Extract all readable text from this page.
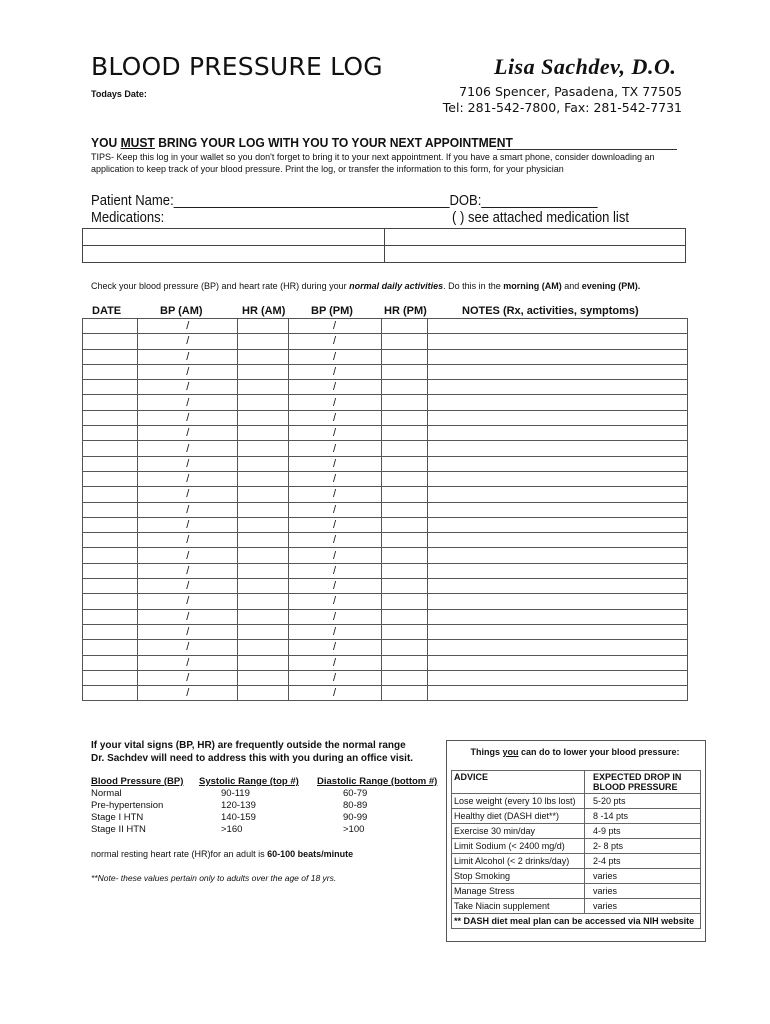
BLOOD PRESSURE LOG	Lisa Sachdev, D.O.
Todays Date:	7106 Spencer, Pasadena, TX 77505
Tel: 281-542-7800, Fax: 281-542-7731
YOU MUST BRING YOUR LOG WITH YOU TO YOUR NEXT APPOINTMENT
TIPS- Keep this log in your wallet so you don't forget to bring it to your next appointment. If you have a smart phone, consider downloading an application to keep track of your blood pressure. Print the log, or transfer the information to this form, for your physician
Patient Name:______________________________________DOB:________________
Medications:	( ) see attached medication list

Check your blood pressure (BP) and heart rate (HR) during your normal daily activities. Do this in the morning (AM) and evening (PM).
DATE	BP (AM)	HR (AM) BP (PM)	HR (PM)	NOTES (Rx, activities, symptoms)
	/		/		
	/		/		
	/		/		
	/		/		
	/		/		
	/		/		
	/		/		
	/		/		
	/		/		
	/		/		
	/		/		
	/		/		
	/		/		
	/		/		
	/		/		
	/		/		
	/		/		
	/		/		
	/		/		
	/		/		
	/		/		
	/		/		
	/		/		
	/		/		
	/		/		
If your vital signs (BP, HR) are frequently outside the normal range
Dr. Sachdev will need to address this with you during an office visit.
Blood Pressure (BP)	Systolic Range (top #)	Diastolic Range (bottom #)
Normal	90-119	60-79
Pre-hypertension	120-139	80-89
Stage I HTN	140-159	90-99
Stage II HTN	>160	>100
normal resting heart rate (HR)for an adult is 60-100 beats/minute
**Note- these values pertain only to adults over the age of 18 yrs.
Things you can do to lower your blood pressure:
ADVICE	EXPECTED DROP IN BLOOD PRESSURE
Lose weight (every 10 lbs lost)	5-20 pts
Healthy diet (DASH diet**)	8 -14 pts
Exercise 30 min/day	4-9 pts
Limit Sodium (< 2400 mg/d)	2- 8 pts
Limit Alcohol (< 2 drinks/day)	2-4 pts
Stop Smoking	varies
Manage Stress	varies
Take Niacin supplement	varies
** DASH diet meal plan can be accessed via NIH website	
